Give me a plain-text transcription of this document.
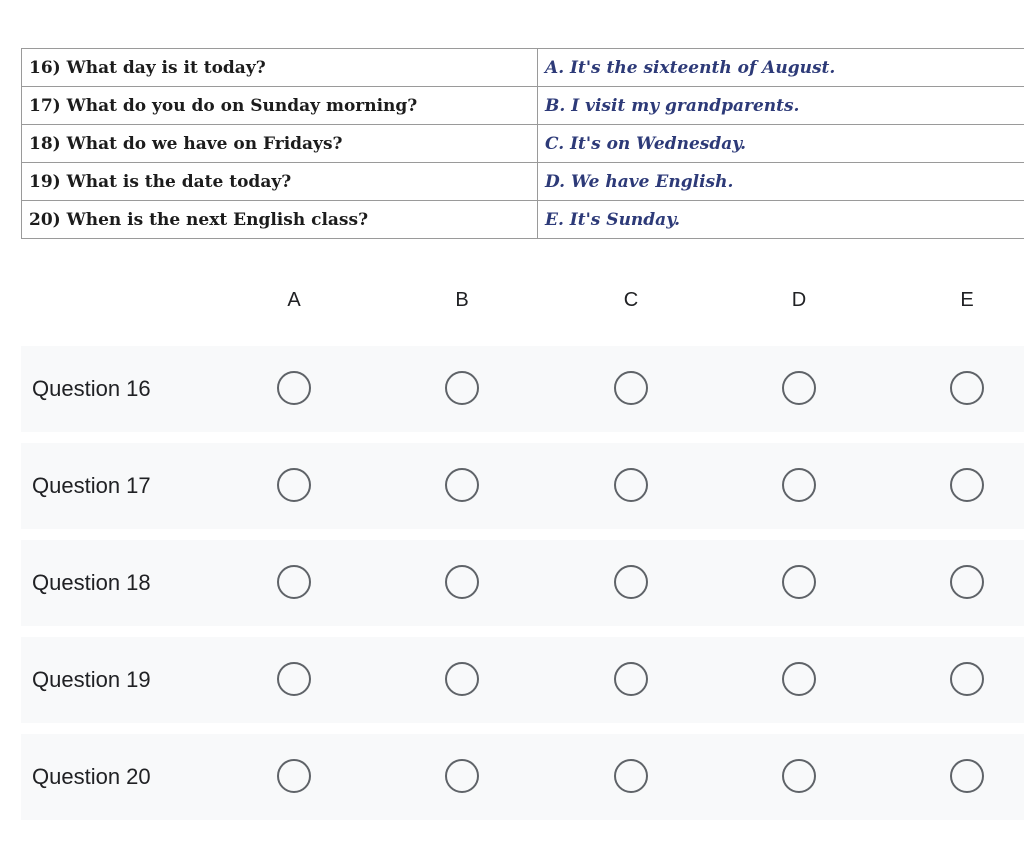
16) What day is it today?	A. It's the sixteenth of August.
17) What do you do on Sunday morning?	B. I visit my grandparents.
18) What do we have on Fridays?	C. It's on Wednesday.
19) What is the date today?	D. We have English.
20) When is the next English class?	E. It's Sunday.
A	B	C	D	E
Question 16
Question 17
Question 18
Question 19
Question 20
